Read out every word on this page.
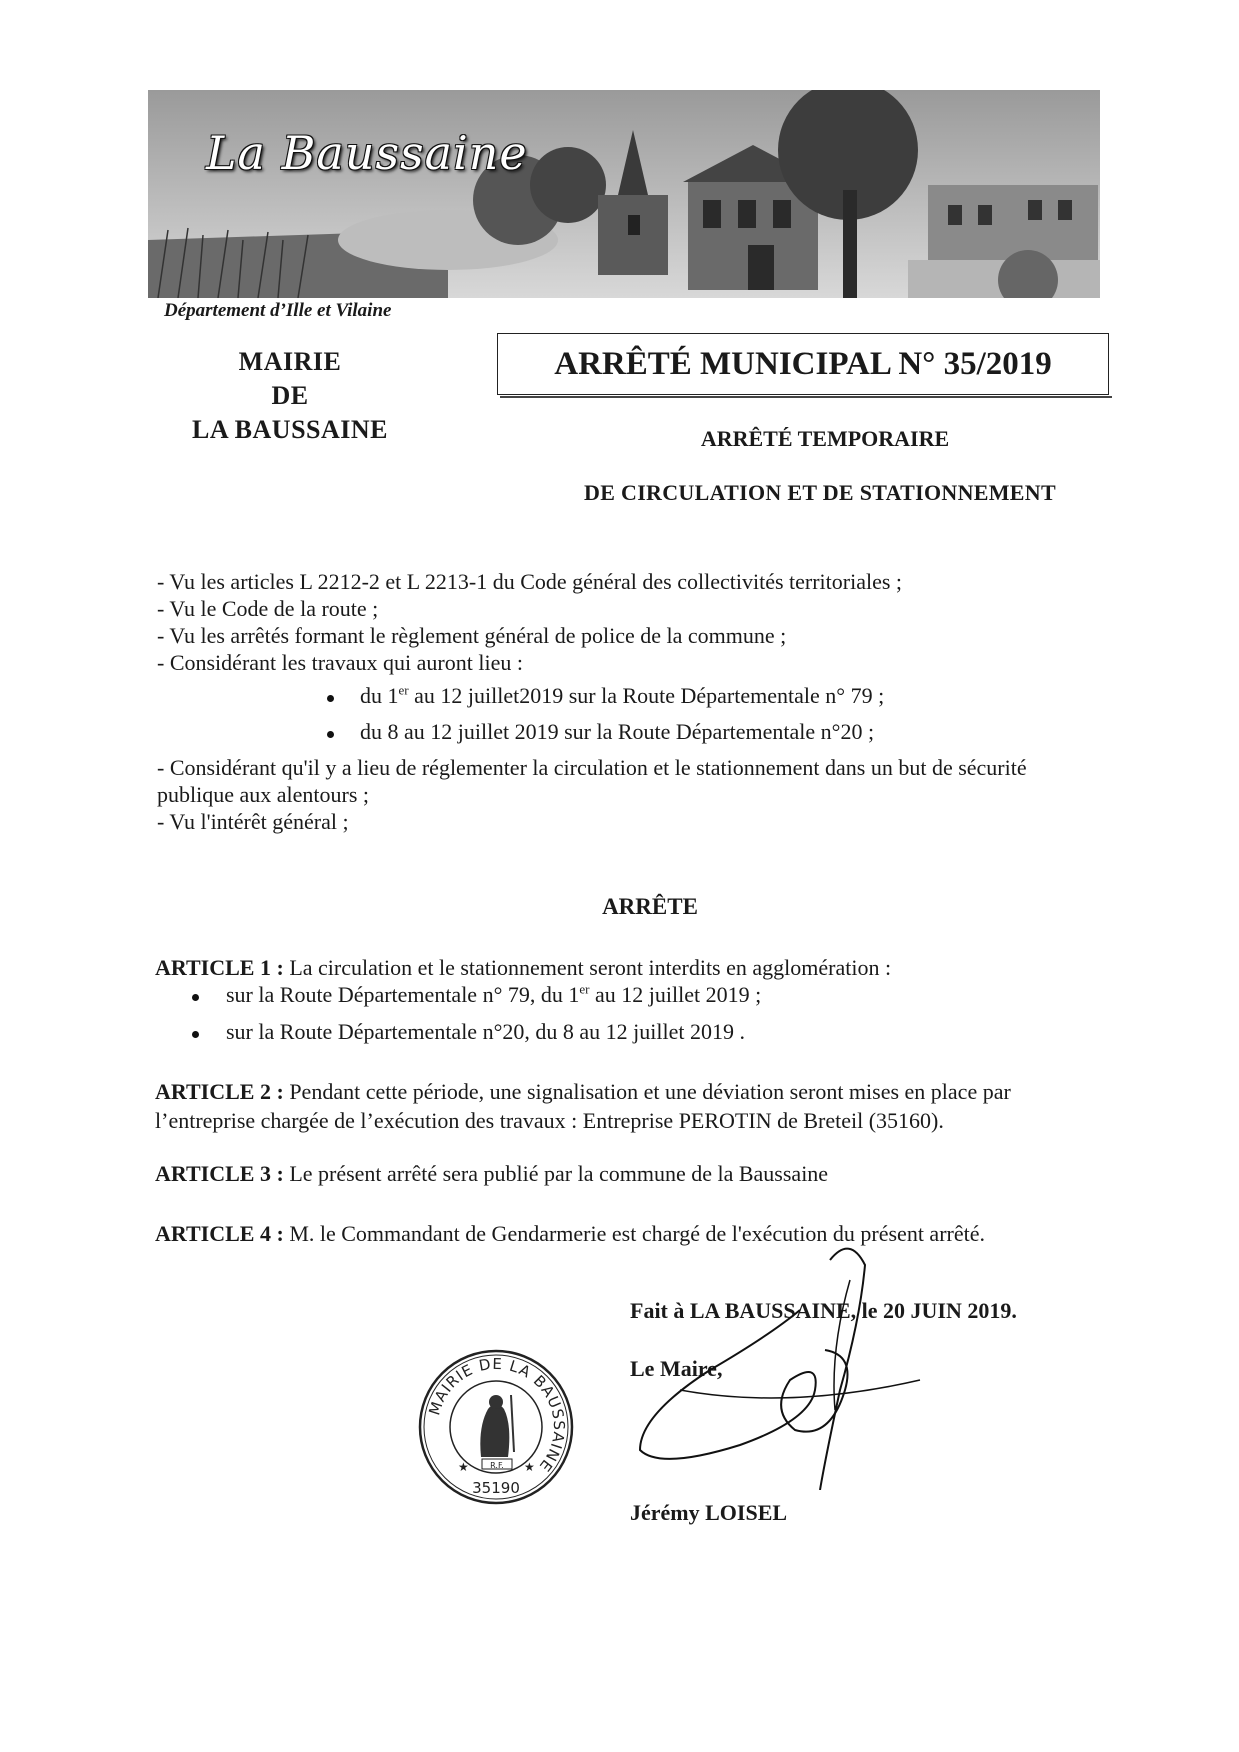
La Baussaine
Département d’Ille et Vilaine
MAIRIE
DE
LA BAUSSAINE
ARRÊTÉ MUNICIPAL N° 35/2019
ARRÊTÉ TEMPORAIRE
DE CIRCULATION ET DE STATIONNEMENT
- Vu les articles L 2212-2 et L 2213-1 du Code général des collectivités territoriales ;
- Vu le Code de la route ;
- Vu les arrêtés formant le règlement général de police de la commune ;
- Considérant les travaux qui auront lieu :
du 1er au 12 juillet2019 sur la Route Départementale n° 79 ;
du 8 au 12 juillet 2019 sur la Route Départementale n°20 ;
- Considérant qu'il y a lieu de réglementer la circulation et le stationnement dans un but de sécurité
publique aux alentours ;
- Vu l'intérêt général ;
ARRÊTE
ARTICLE 1 : La circulation et le stationnement seront interdits en agglomération :
sur la Route Départementale n° 79, du 1er au 12 juillet 2019 ;
sur la Route Départementale n°20, du 8 au 12 juillet 2019 .
ARTICLE 2 : Pendant cette période, une signalisation et une déviation seront mises en place par
l’entreprise chargée de l’exécution des travaux : Entreprise PEROTIN de Breteil (35160).
ARTICLE 3 : Le présent arrêté sera publié par la commune de la Baussaine
ARTICLE 4 : M. le Commandant de Gendarmerie est chargé de l'exécution du présent arrêté.
Fait à LA BAUSSAINE, le 20 JUIN 2019.
Le Maire,
Jérémy LOISEL
MAIRIE DE LA BAUSSAINE
R.F.
★	★
35190
